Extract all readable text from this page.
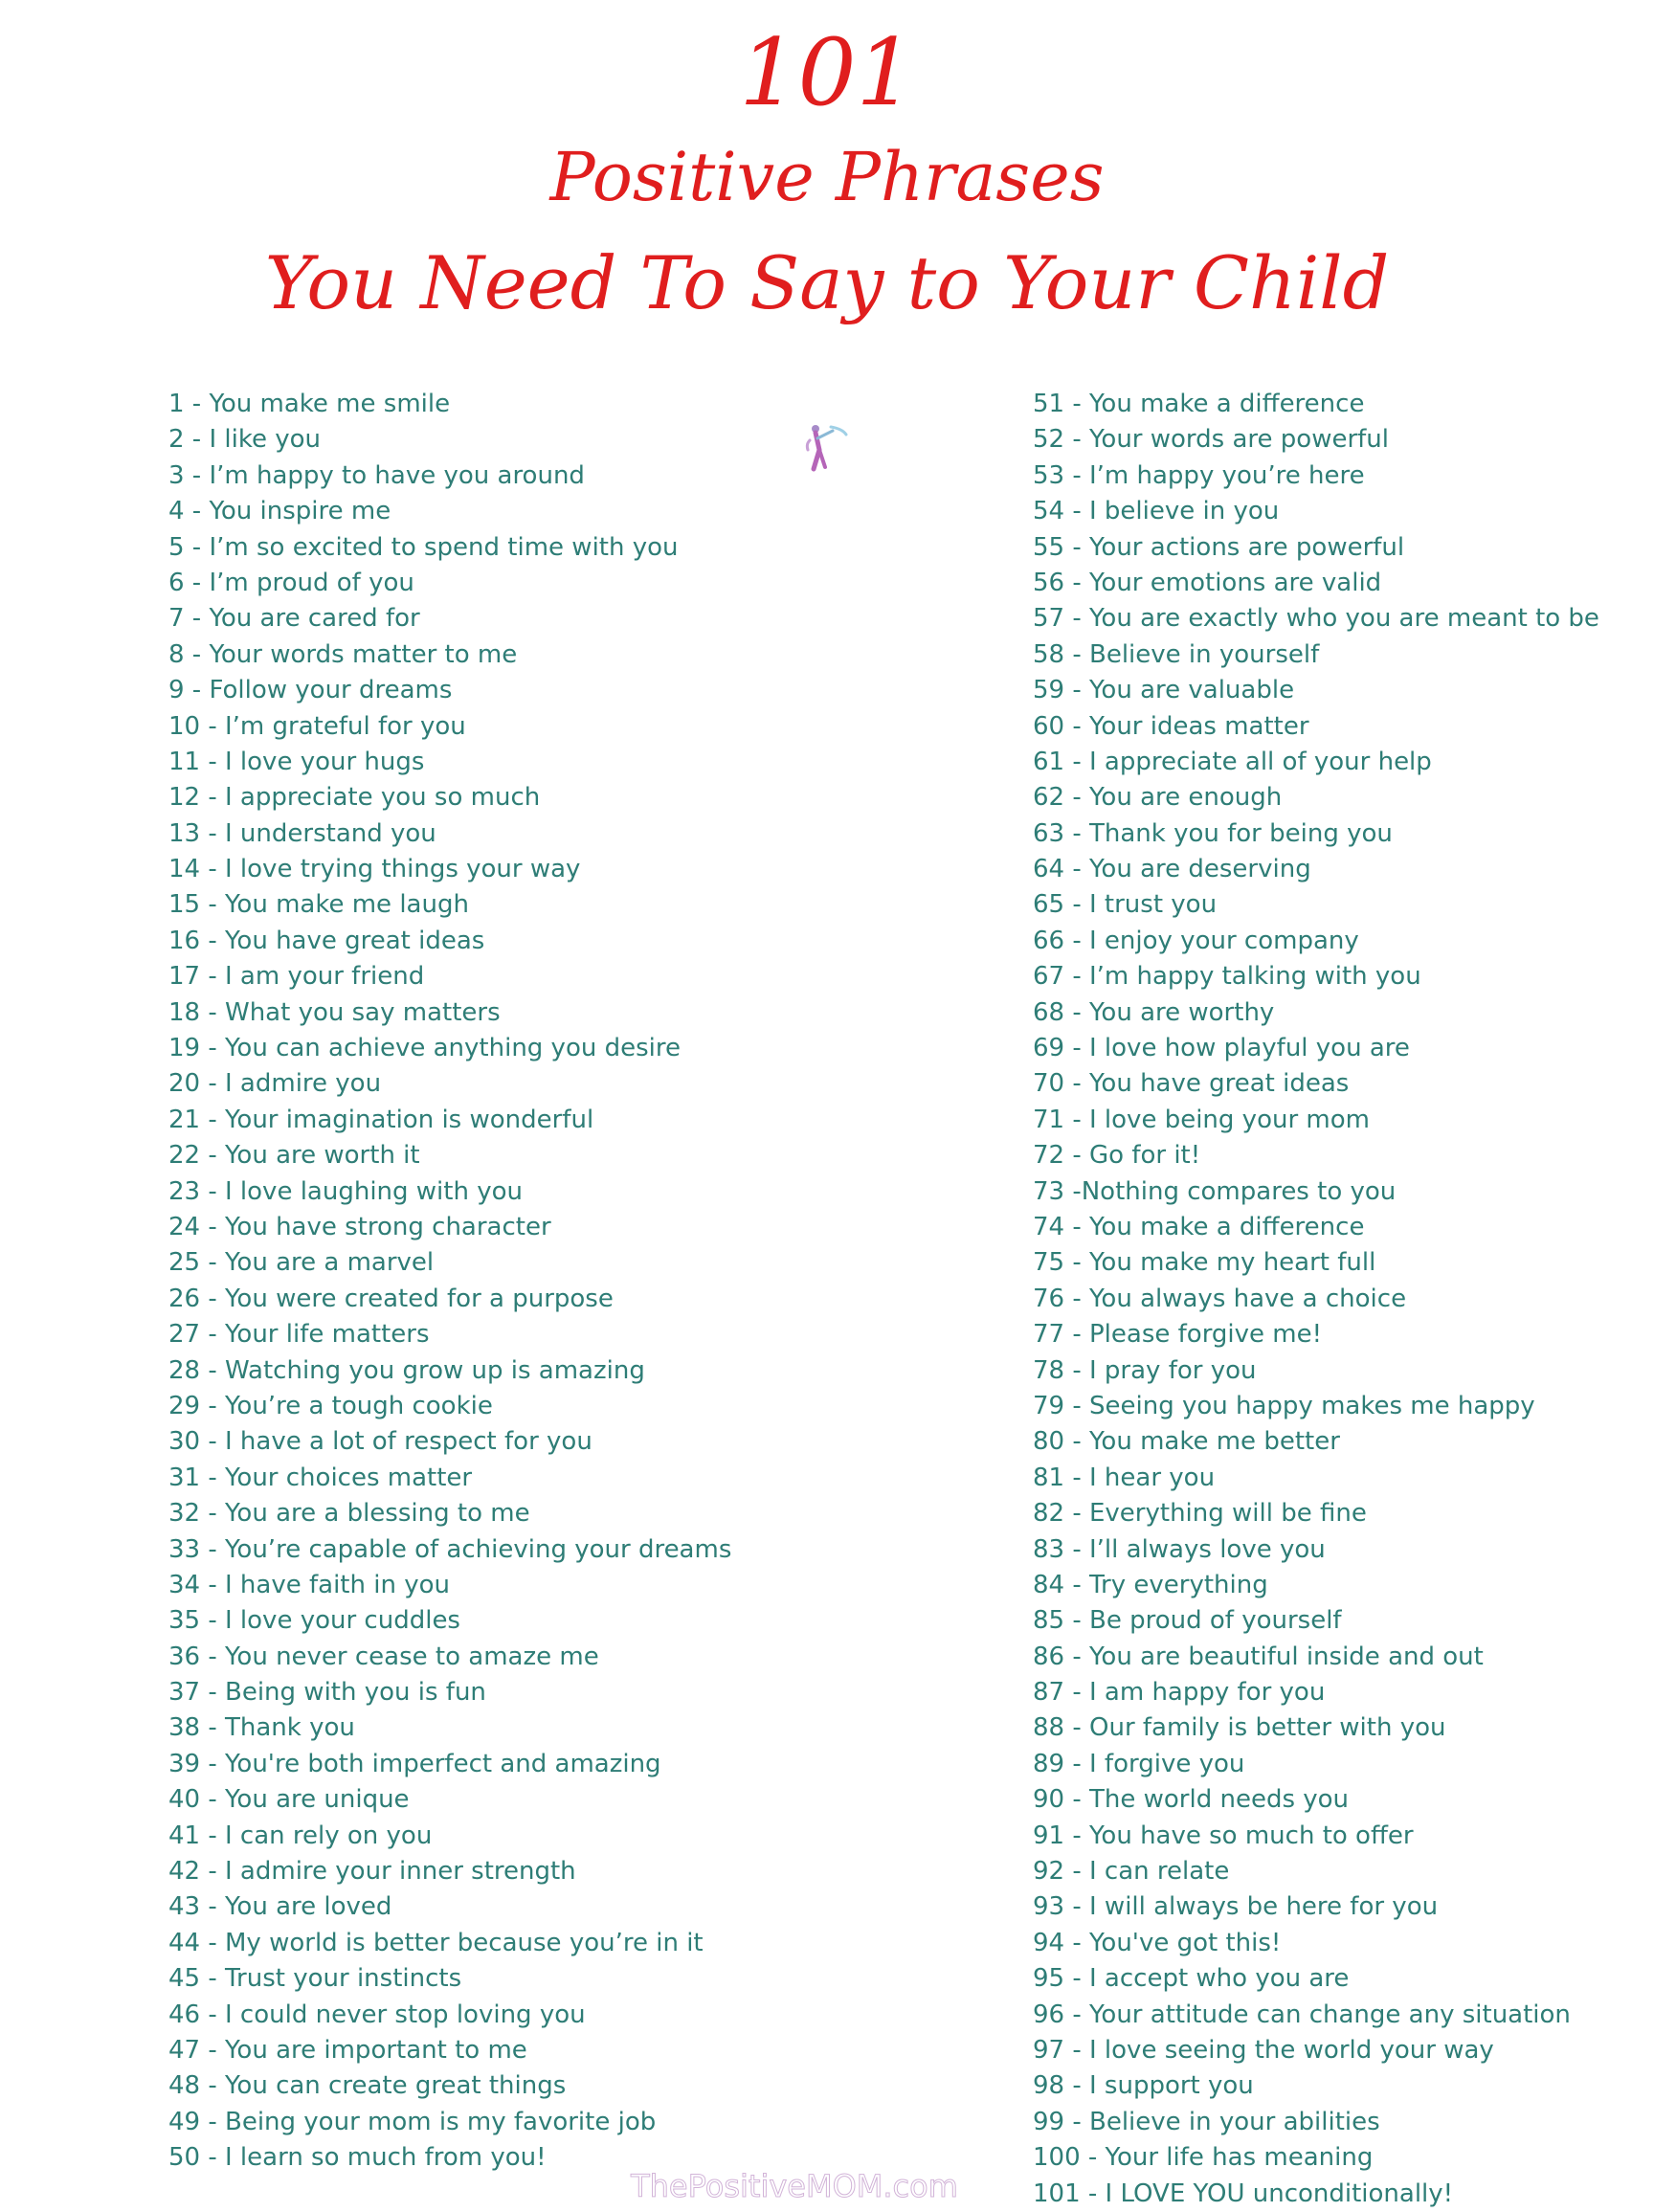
101
Positive Phrases
You Need To Say to Your Child
1 - You make me smile
2 - I like you
3 - I’m happy to have you around
4 - You inspire me
5 - I’m so excited to spend time with you
6 - I’m proud of you
7 - You are cared for
8 - Your words matter to me
9 - Follow your dreams
10 - I’m grateful for you
11 - I love your hugs
12 - I appreciate you so much
13 - I understand you
14 - I love trying things your way
15 - You make me laugh
16 - You have great ideas
17 - I am your friend
18 - What you say matters
19 - You can achieve anything you desire
20 - I admire you
21 - Your imagination is wonderful
22 - You are worth it
23 - I love laughing with you
24 - You have strong character
25 - You are a marvel
26 - You were created for a purpose
27 - Your life matters
28 - Watching you grow up is amazing
29 - You’re a tough cookie
30 - I have a lot of respect for you
31 - Your choices matter
32 - You are a blessing to me
33 - You’re capable of achieving your dreams
34 - I have faith in you
35 - I love your cuddles
36 - You never cease to amaze me
37 - Being with you is fun
38 - Thank you
39 - You're both imperfect and amazing
40 - You are unique
41 - I can rely on you
42 - I admire your inner strength
43 - You are loved
44 - My world is better because you’re in it
45 - Trust your instincts
46 - I could never stop loving you
47 - You are important to me
48 - You can create great things
49 - Being your mom is my favorite job
50 - I learn so much from you!
51 - You make a difference
52 - Your words are powerful
53 - I’m happy you’re here
54 - I believe in you
55 - Your actions are powerful
56 - Your emotions are valid
57 - You are exactly who you are meant to be
58 - Believe in yourself
59 - You are valuable
60 - Your ideas matter
61 - I appreciate all of your help
62 - You are enough
63 - Thank you for being you
64 - You are deserving
65 - I trust you
66 - I enjoy your company
67 - I’m happy talking with you
68 - You are worthy
69 - I love how playful you are
70 - You have great ideas
71 - I love being your mom
72 - Go for it!
73 -Nothing compares to you
74 - You make a difference
75 - You make my heart full
76 - You always have a choice
77 - Please forgive me!
78 - I pray for you
79 - Seeing you happy makes me happy
80 - You make me better
81 - I hear you
82 - Everything will be fine
83 - I’ll always love you
84 - Try everything
85 - Be proud of yourself
86 - You are beautiful inside and out
87 - I am happy for you
88 - Our family is better with you
89 - I forgive you
90 - The world needs you
91 - You have so much to offer
92 - I can relate
93 - I will always be here for you
94 - You've got this!
95 - I accept who you are
96 - Your attitude can change any situation
97 - I love seeing the world your way
98 - I support you
99 - Believe in your abilities
100 - Your life has meaning
101 - I LOVE YOU unconditionally!
ThePositiveMOM.com
